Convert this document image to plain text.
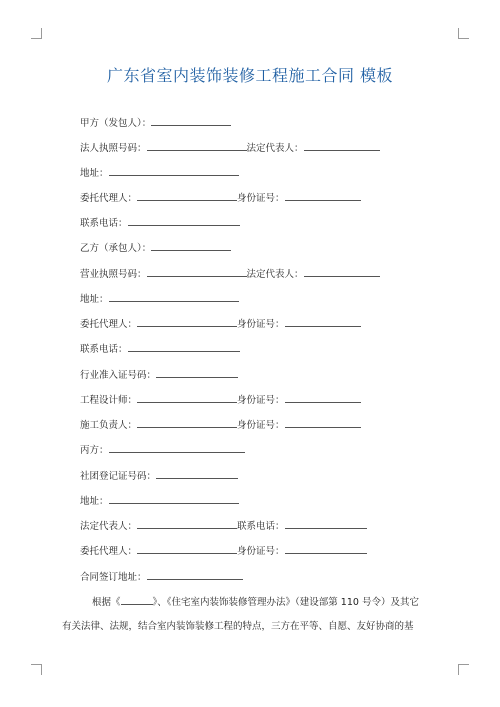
广东省室内装饰装修工程施工合同 模板
甲方（发包人）：
法人执照号码：	法定代表人：
地址：
委托代理人：	身份证号：
联系电话：
乙方（承包人）：
营业执照号码：	法定代表人：
地址：
委托代理人：	身份证号：
联系电话：
行业准入证号码：
工程设计师：	身份证号：
施工负责人：	身份证号：
丙方：
社团登记证号码：
地址：
法定代表人：	联系电话：
委托代理人：	身份证号：
合同签订地址：
根据《	》、《住宅室内装饰装修管理办法》（建设部第 110 号令）及其它
有关法律、法规，结合室内装饰装修工程的特点，三方在平等、自愿、友好协商的基
